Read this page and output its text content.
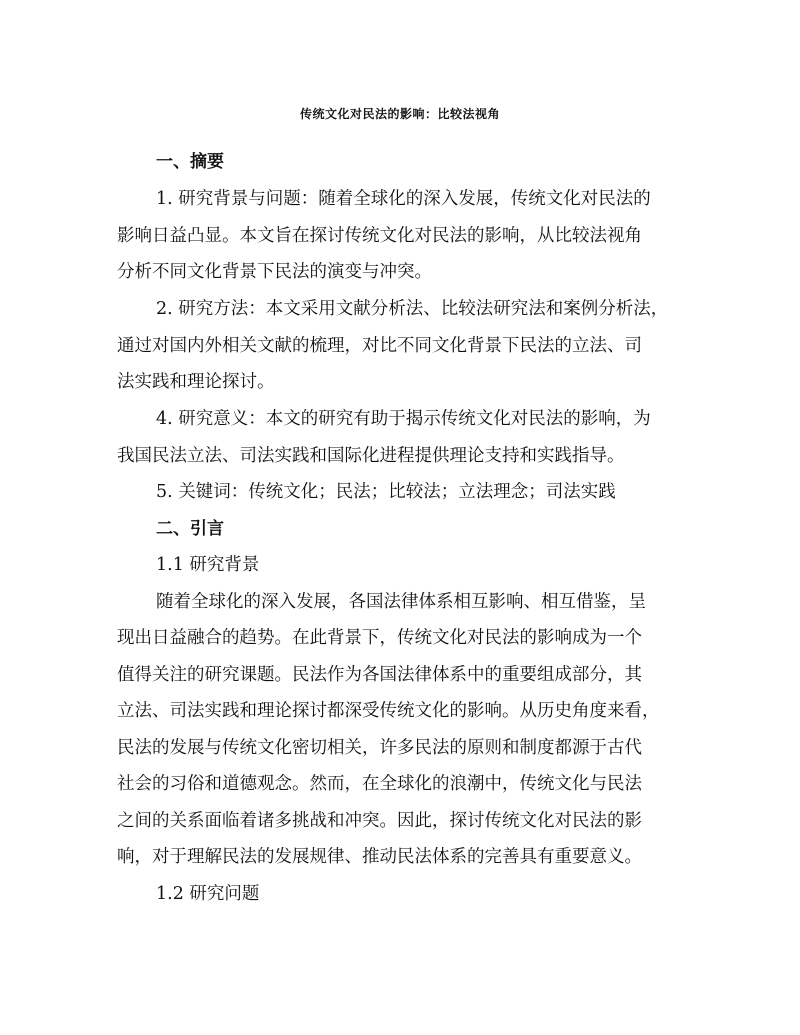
传统文化对民法的影响：比较法视角
一、摘要
1. 研究背景与问题：随着全球化的深入发展，传统文化对民法的
影响日益凸显。本文旨在探讨传统文化对民法的影响，从比较法视角
分析不同文化背景下民法的演变与冲突。
2. 研究方法：本文采用文献分析法、比较法研究法和案例分析法，
通过对国内外相关文献的梳理，对比不同文化背景下民法的立法、司
法实践和理论探讨。
4. 研究意义：本文的研究有助于揭示传统文化对民法的影响，为
我国民法立法、司法实践和国际化进程提供理论支持和实践指导。
5. 关键词：传统文化；民法；比较法；立法理念；司法实践
二、引言
1.1 研究背景
随着全球化的深入发展，各国法律体系相互影响、相互借鉴，呈
现出日益融合的趋势。在此背景下，传统文化对民法的影响成为一个
值得关注的研究课题。民法作为各国法律体系中的重要组成部分，其
立法、司法实践和理论探讨都深受传统文化的影响。从历史角度来看，
民法的发展与传统文化密切相关，许多民法的原则和制度都源于古代
社会的习俗和道德观念。然而，在全球化的浪潮中，传统文化与民法
之间的关系面临着诸多挑战和冲突。因此，探讨传统文化对民法的影
响，对于理解民法的发展规律、推动民法体系的完善具有重要意义。
1.2 研究问题
